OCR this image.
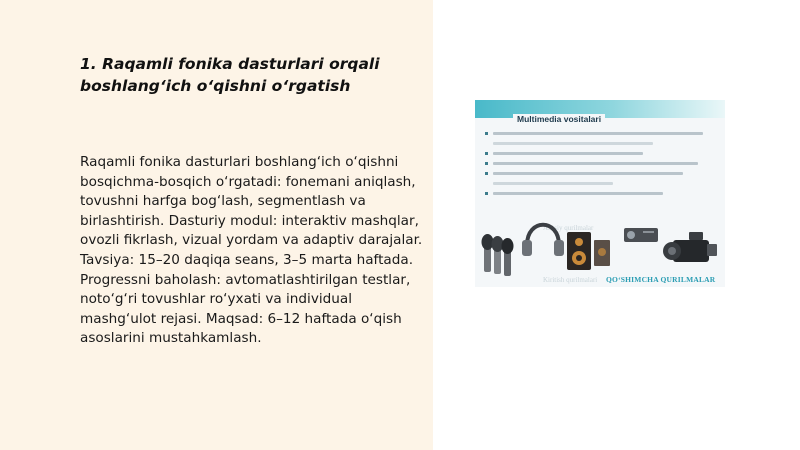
1. Raqamli fonika dasturlari orqali boshlang‘ich o‘qishni o‘rgatish

Raqamli fonika dasturlari boshlang‘ich o‘qishni bosqichma-bosqich o‘rgatadi: fonemani aniqlash, tovushni harfga bog‘lash, segmentlash va birlashtirish. Dasturiy modul: interaktiv mashqlar, ovozli fikrlash, vizual yordam va adaptiv darajalar. Tavsiya: 15–20 daqiqa seans, 3–5 marta haftada. Progressni baholash: avtomatlashtirilgan testlar, noto‘g‘ri tovushlar ro‘yxati va individual mashg‘ulot rejasi. Maqsad: 6–12 haftada o‘qish asoslarini mustahkamlash.

Multimedia vositalari

Asosiy qurilmalar

Kiritish qurilmalari QO‘SHIMCHA QURILMALAR
